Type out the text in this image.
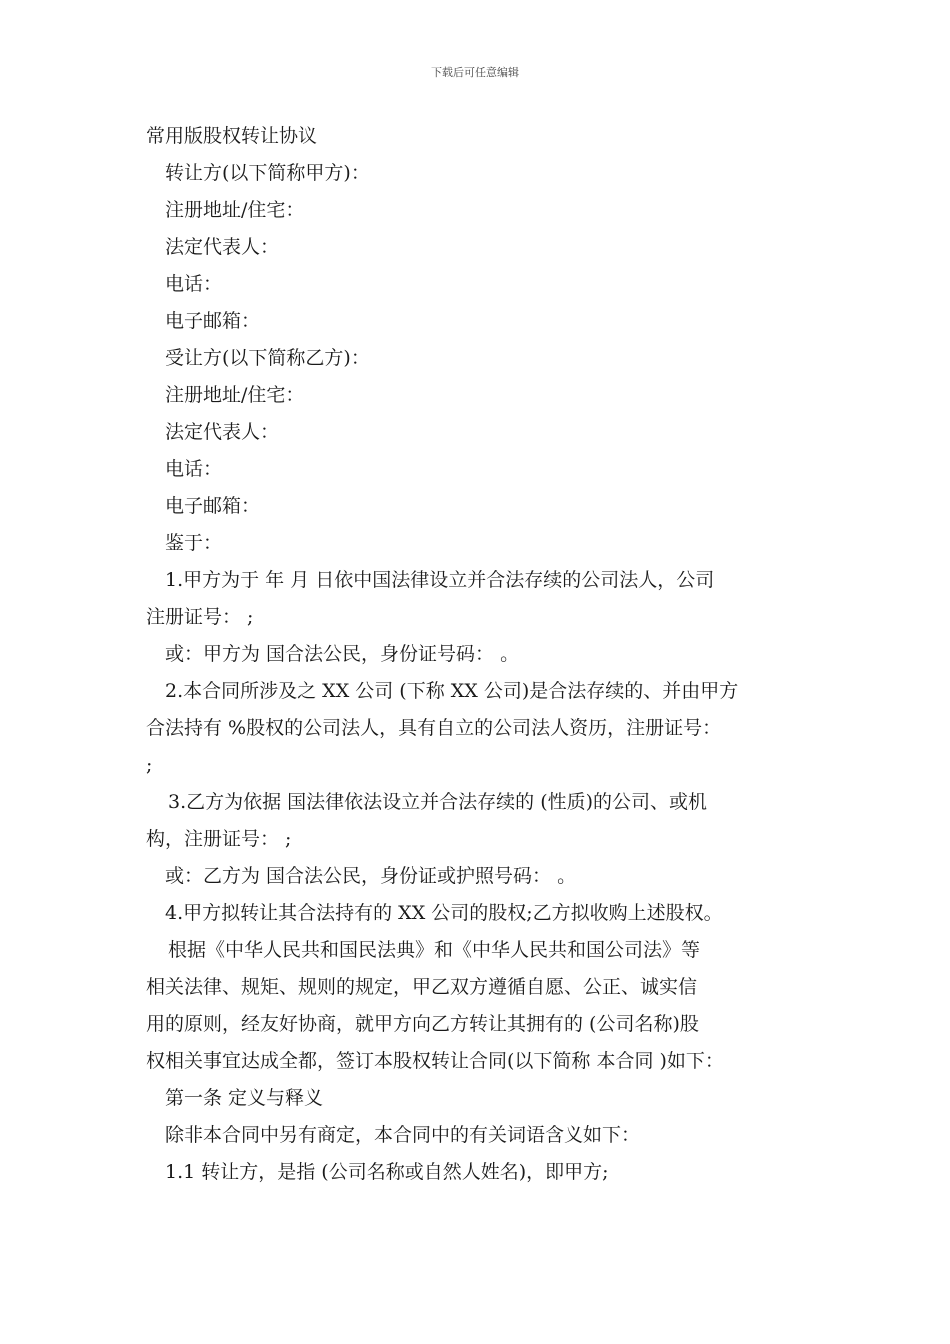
下载后可任意编辑
常用版股权转让协议
转让方(以下简称甲方)：
注册地址/住宅：
法定代表人：
电话：
电子邮箱：
受让方(以下简称乙方)：
注册地址/住宅：
法定代表人：
电话：
电子邮箱：
鉴于：
1.甲方为于 年 月 日依中国法律设立并合法存续的公司法人，公司
注册证号： ;
或：甲方为 国合法公民，身份证号码： 。
2.本合同所涉及之 XX 公司 (下称 XX 公司)是合法存续的、并由甲方
合法持有 %股权的公司法人，具有自立的公司法人资历，注册证号：
;
3.乙方为依据 国法律依法设立并合法存续的 (性质)的公司、或机
构，注册证号： ;
或：乙方为 国合法公民，身份证或护照号码： 。
4.甲方拟转让其合法持有的 XX 公司的股权;乙方拟收购上述股权。
根据《中华人民共和国民法典》和《中华人民共和国公司法》等
相关法律、规矩、规则的规定，甲乙双方遵循自愿、公正、诚实信
用的原则，经友好协商，就甲方向乙方转让其拥有的 (公司名称)股
权相关事宜达成全都，签订本股权转让合同(以下简称 本合同 )如下：
第一条 定义与释义
除非本合同中另有商定，本合同中的有关词语含义如下：
1.1 转让方，是指 (公司名称或自然人姓名)，即甲方;
